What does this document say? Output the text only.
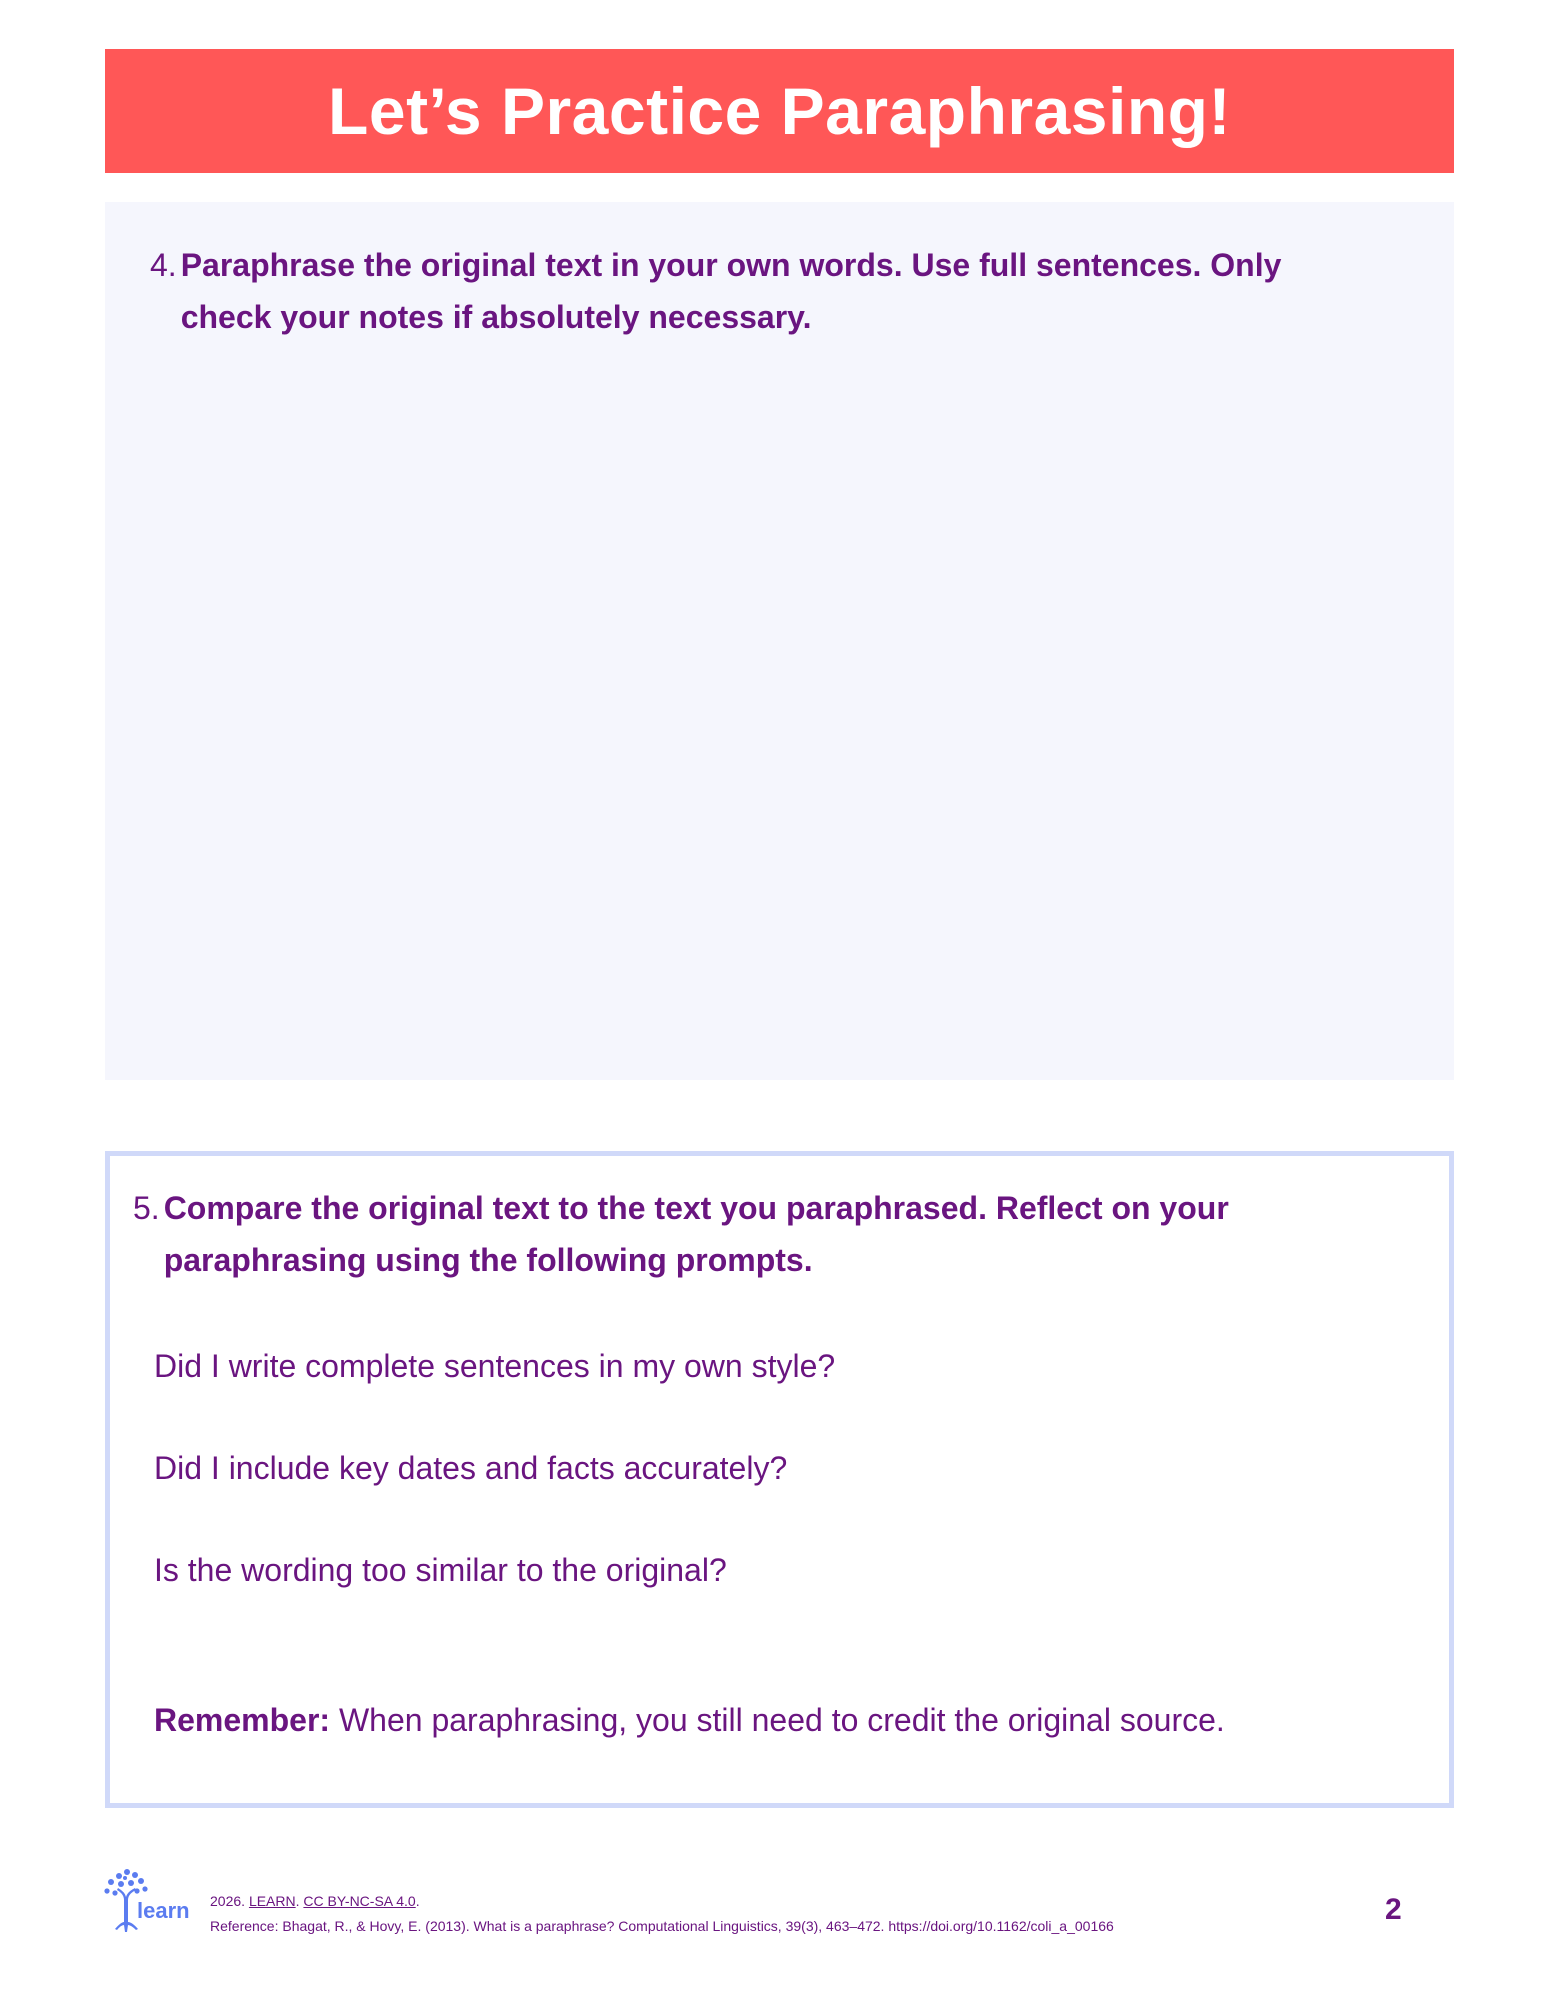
Let’s Practice Paraphrasing!
4. Paraphrase the original text in your own words. Use full sentences. Only check your notes if absolutely necessary.
5. Compare the original text to the text you paraphrased. Reflect on your paraphrasing using the following prompts.
Did I write complete sentences in my own style?
Did I include key dates and facts accurately?
Is the wording too similar to the original?
Remember: When paraphrasing, you still need to credit the original source.
learn 2026. LEARN. CC BY-NC-SA 4.0.
Reference: Bhagat, R., & Hovy, E. (2013). What is a paraphrase? Computational Linguistics, 39(3), 463–472. https://doi.org/10.1162/coli_a_00166	2
